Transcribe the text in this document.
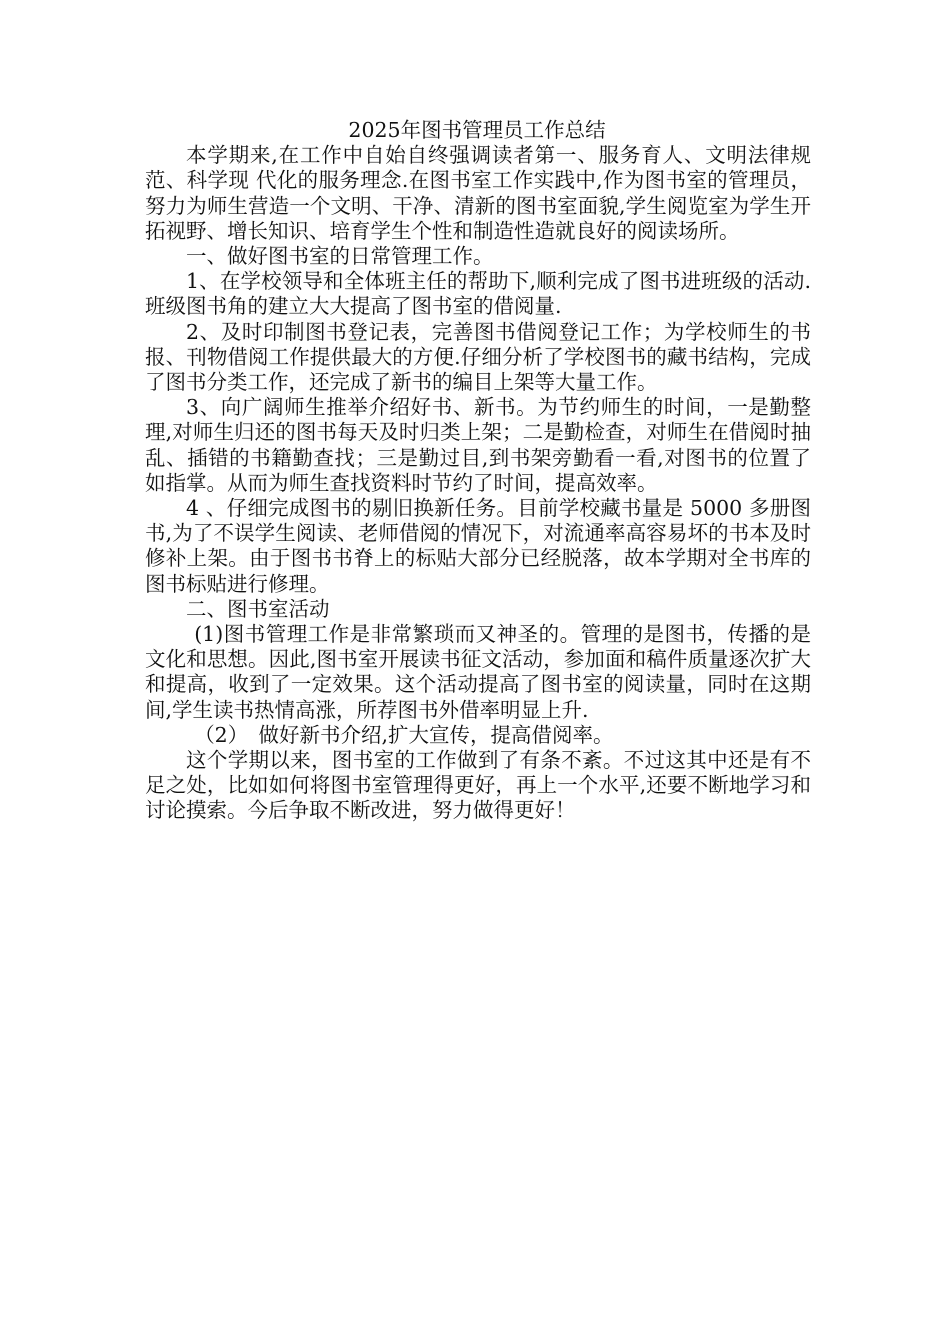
2025年图书管理员工作总结

本学期来,在工作中自始自终强调读者第一、服务育人、文明法律规范、科学现 代化的服务理念.在图书室工作实践中,作为图书室的管理员，努力为师生营造一个文明、干净、清新的图书室面貌,学生阅览室为学生开拓视野、增长知识、培育学生个性和制造性造就良好的阅读场所。

一、做好图书室的日常管理工作。

1、在学校领导和全体班主任的帮助下,顺利完成了图书进班级的活动.班级图书角的建立大大提高了图书室的借阅量.

2、及时印制图书登记表，完善图书借阅登记工作；为学校师生的书报、刊物借阅工作提供最大的方便.仔细分析了学校图书的藏书结构，完成了图书分类工作，还完成了新书的编目上架等大量工作。

3、向广阔师生推举介绍好书、新书。为节约师生的时间，一是勤整理,对师生归还的图书每天及时归类上架；二是勤检查，对师生在借阅时抽乱、插错的书籍勤查找；三是勤过目,到书架旁勤看一看,对图书的位置了如指掌。从而为师生查找资料时节约了时间，提高效率。

4 、仔细完成图书的剔旧换新任务。目前学校藏书量是 5000 多册图书,为了不误学生阅读、老师借阅的情况下，对流通率高容易坏的书本及时修补上架。由于图书书脊上的标贴大部分已经脱落，故本学期对全书库的图书标贴进行修理。

二、图书室活动

(1)图书管理工作是非常繁琐而又神圣的。管理的是图书，传播的是文化和思想。因此,图书室开展读书征文活动，参加面和稿件质量逐次扩大和提高，收到了一定效果。这个活动提高了图书室的阅读量，同时在这期间,学生读书热情高涨，所荐图书外借率明显上升.

（2）　做好新书介绍,扩大宣传，提高借阅率。

这个学期以来，图书室的工作做到了有条不紊。不过这其中还是有不足之处，比如如何将图书室管理得更好，再上一个水平,还要不断地学习和讨论摸索。今后争取不断改进，努力做得更好！
